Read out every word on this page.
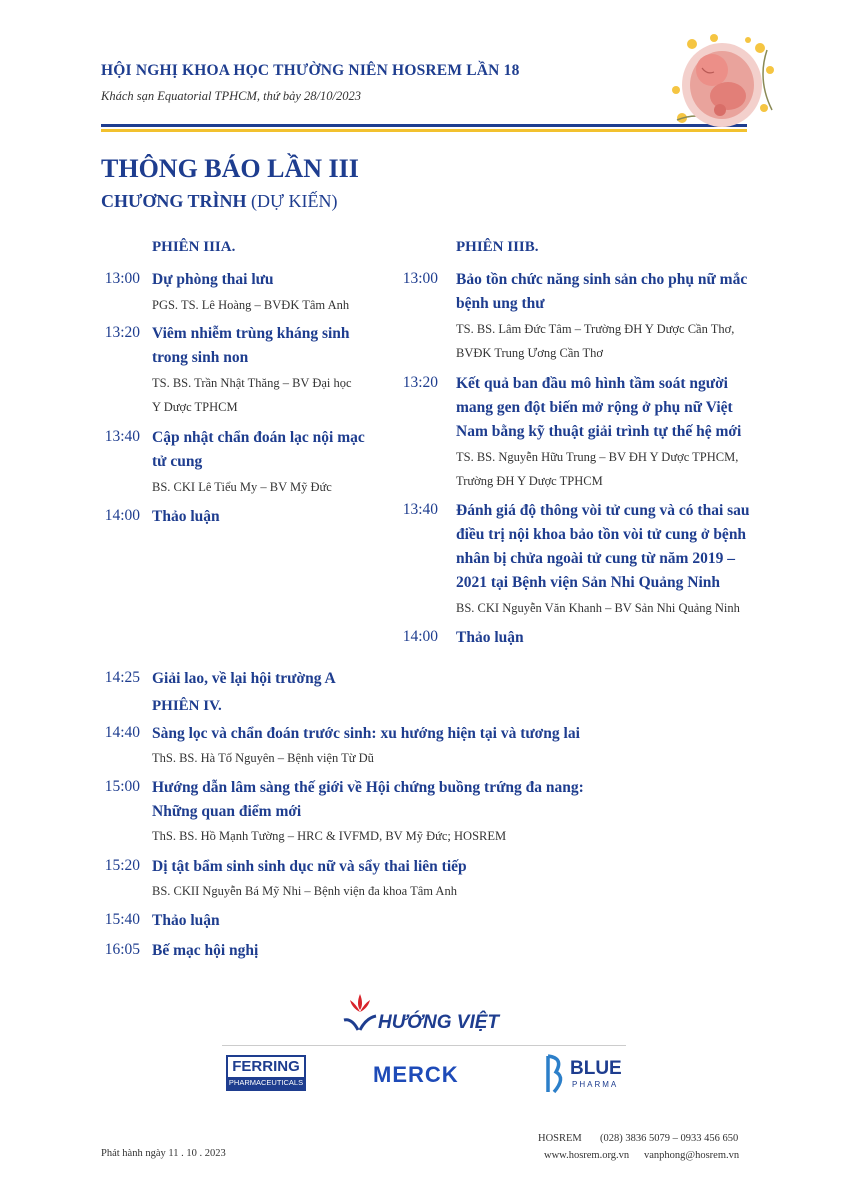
HỘI NGHỊ KHOA HỌC THƯỜNG NIÊN HOSREM LẦN 18
Khách sạn Equatorial TPHCM, thứ bảy 28/10/2023
THÔNG BÁO LẦN III
CHƯƠNG TRÌNH (DỰ KIẾN)
PHIÊN IIIA.
13:00 Dự phòng thai lưu
PGS. TS. Lê Hoàng – BVĐK Tâm Anh
13:20 Viêm nhiễm trùng kháng sinh
trong sinh non
TS. BS. Trần Nhật Thăng – BV Đại học
Y Dược TPHCM
13:40 Cập nhật chẩn đoán lạc nội mạc
tử cung
BS. CKI Lê Tiểu My – BV Mỹ Đức
14:00 Thảo luận
PHIÊN IIIB.
13:00 Bảo tồn chức năng sinh sản cho phụ nữ mắc
bệnh ung thư
TS. BS. Lâm Đức Tâm – Trường ĐH Y Dược Cần Thơ,
BVĐK Trung Ương Cần Thơ
13:20 Kết quả ban đầu mô hình tầm soát người
mang gen đột biến mở rộng ở phụ nữ Việt
Nam bằng kỹ thuật giải trình tự thế hệ mới
TS. BS. Nguyễn Hữu Trung – BV ĐH Y Dược TPHCM,
Trường ĐH Y Dược TPHCM
13:40 Đánh giá độ thông vòi tử cung và có thai sau
điều trị nội khoa bảo tồn vòi tử cung ở bệnh
nhân bị chửa ngoài tử cung từ năm 2019 –
2021 tại Bệnh viện Sản Nhi Quảng Ninh
BS. CKI Nguyễn Văn Khanh – BV Sản Nhi Quảng Ninh
14:00 Thảo luận
14:25 Giải lao, về lại hội trường A
PHIÊN IV.
14:40 Sàng lọc và chẩn đoán trước sinh: xu hướng hiện tại và tương lai
ThS. BS. Hà Tố Nguyên – Bệnh viện Từ Dũ
15:00 Hướng dẫn lâm sàng thế giới về Hội chứng buồng trứng đa nang:
Những quan điểm mới
ThS. BS. Hồ Mạnh Tường – HRC & IVFMD, BV Mỹ Đức; HOSREM
15:20 Dị tật bẩm sinh sinh dục nữ và sẩy thai liên tiếp
BS. CKII Nguyễn Bá Mỹ Nhi – Bệnh viện đa khoa Tâm Anh
15:40 Thảo luận
16:05 Bế mạc hội nghị
HƯỚNG VIỆT
FERRING
PHARMACEUTICALS	MERCK	BLUE
PHARMA
Phát hành ngày 11 . 10 . 2023
HOSREM (028) 3836 5079 – 0933 456 650
www.hosrem.org.vn vanphong@hosrem.vn
